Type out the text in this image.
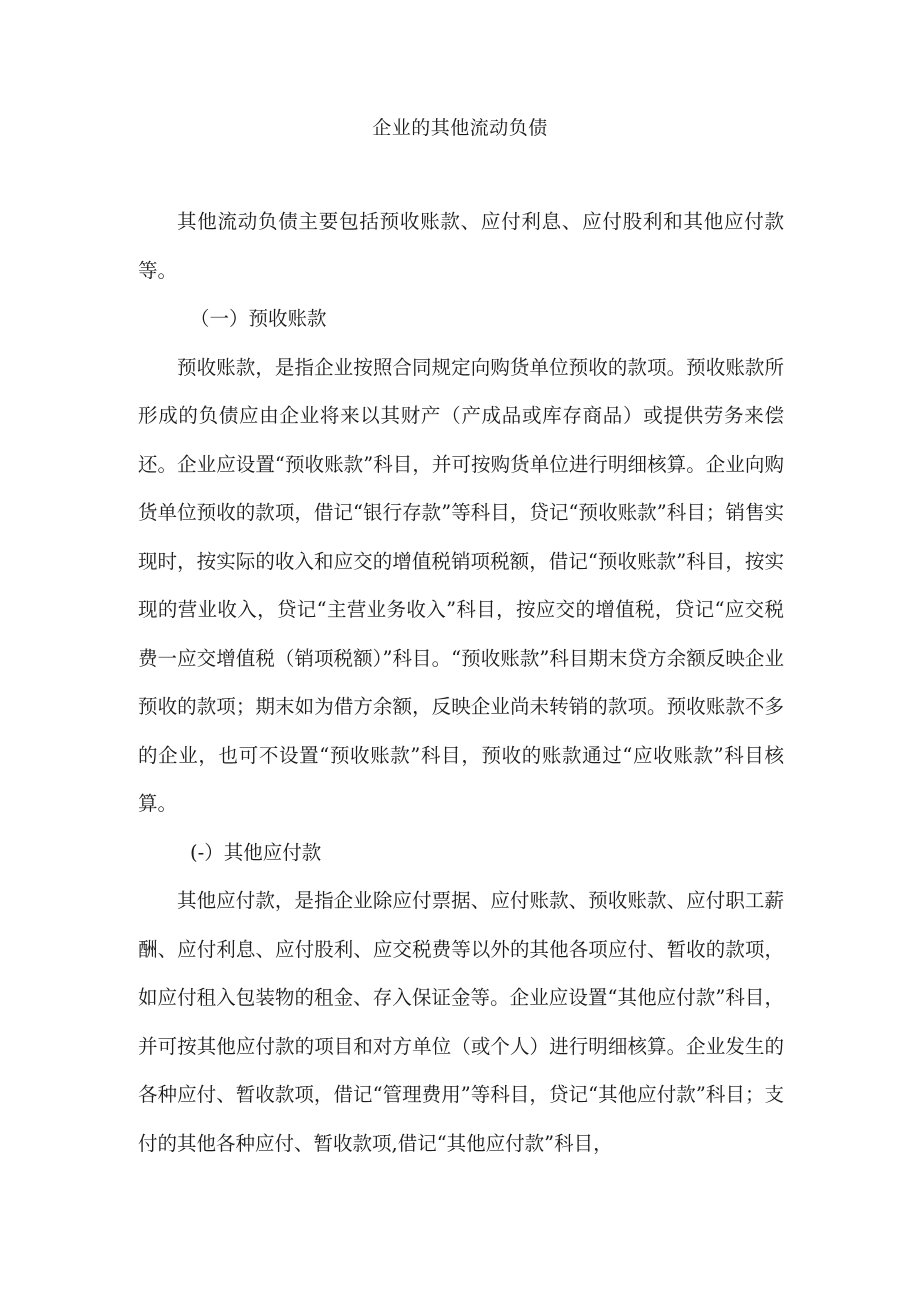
企业的其他流动负债

其他流动负债主要包括预收账款、应付利息、应付股利和其他应付款等。

（一）预收账款

预收账款，是指企业按照合同规定向购货单位预收的款项。预收账款所形成的负债应由企业将来以其财产（产成品或库存商品）或提供劳务来偿还。企业应设置“预收账款”科目，并可按购货单位进行明细核算。企业向购货单位预收的款项，借记“银行存款”等科目，贷记“预收账款”科目；销售实现时，按实际的收入和应交的增值税销项税额，借记“预收账款”科目，按实现的营业收入，贷记“主营业务收入”科目，按应交的增值税，贷记“应交税费一应交增值税（销项税额）”科目。“预收账款”科目期末贷方余额反映企业预收的款项；期末如为借方余额，反映企业尚未转销的款项。预收账款不多的企业，也可不设置“预收账款”科目，预收的账款通过“应收账款”科目核算。

(-）其他应付款

其他应付款，是指企业除应付票据、应付账款、预收账款、应付职工薪酬、应付利息、应付股利、应交税费等以外的其他各项应付、暂收的款项，如应付租入包装物的租金、存入保证金等。企业应设置“其他应付款”科目，并可按其他应付款的项目和对方单位（或个人）进行明细核算。企业发生的各种应付、暂收款项，借记“管理费用”等科目，贷记“其他应付款”科目；支付的其他各种应付、暂收款项,借记“其他应付款”科目，
